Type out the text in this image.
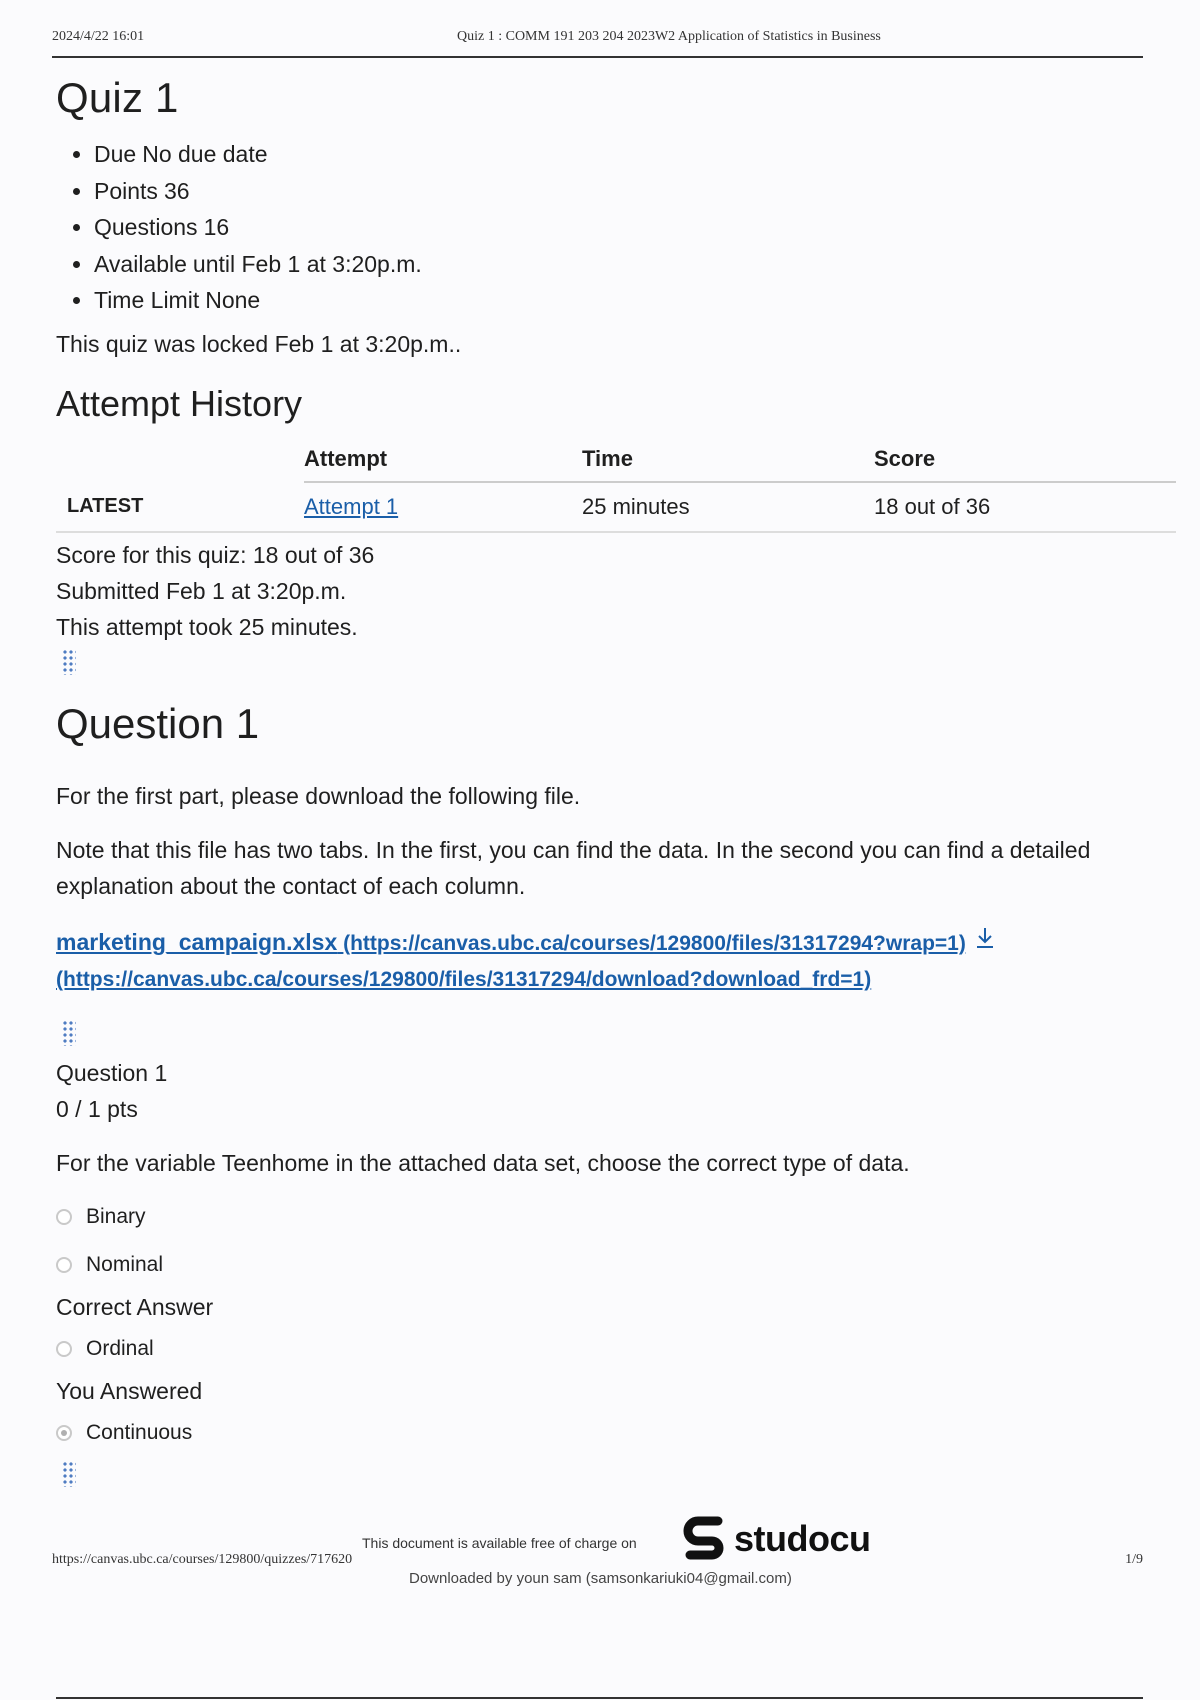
2024/4/22 16:01	Quiz 1 : COMM 191 203 204 2023W2 Application of Statistics in Business
Quiz 1
• Due No due date
• Points 36
• Questions 16
• Available until Feb 1 at 3:20p.m.
• Time Limit None

This quiz was locked Feb 1 at 3:20p.m..

Attempt History
	Attempt	Time	Score
LATEST	Attempt 1	25 minutes	18 out of 36

Score for this quiz: 18 out of 36

Submitted Feb 1 at 3:20p.m.

This attempt took 25 minutes.

Question 1

For the first part, please download the following file.

Note that this file has two tabs. In the first, you can find the data. In the second you can find a detailed explanation about the contact of each column.

marketing_campaign.xlsx (https://canvas.ubc.ca/courses/129800/files/31317294?wrap=1)
(https://canvas.ubc.ca/courses/129800/files/31317294/download?download_frd=1)
Question 1
0 / 1 pts
For the variable Teenhome in the attached data set, choose the correct type of data.
Binary
Nominal
Correct Answer
Ordinal
You Answered
Continuous
https://canvas.ubc.ca/courses/129800/quizzes/717620
This document is available free of charge on	studocu
1/9
Downloaded by youn sam (samsonkariuki04@gmail.com)
